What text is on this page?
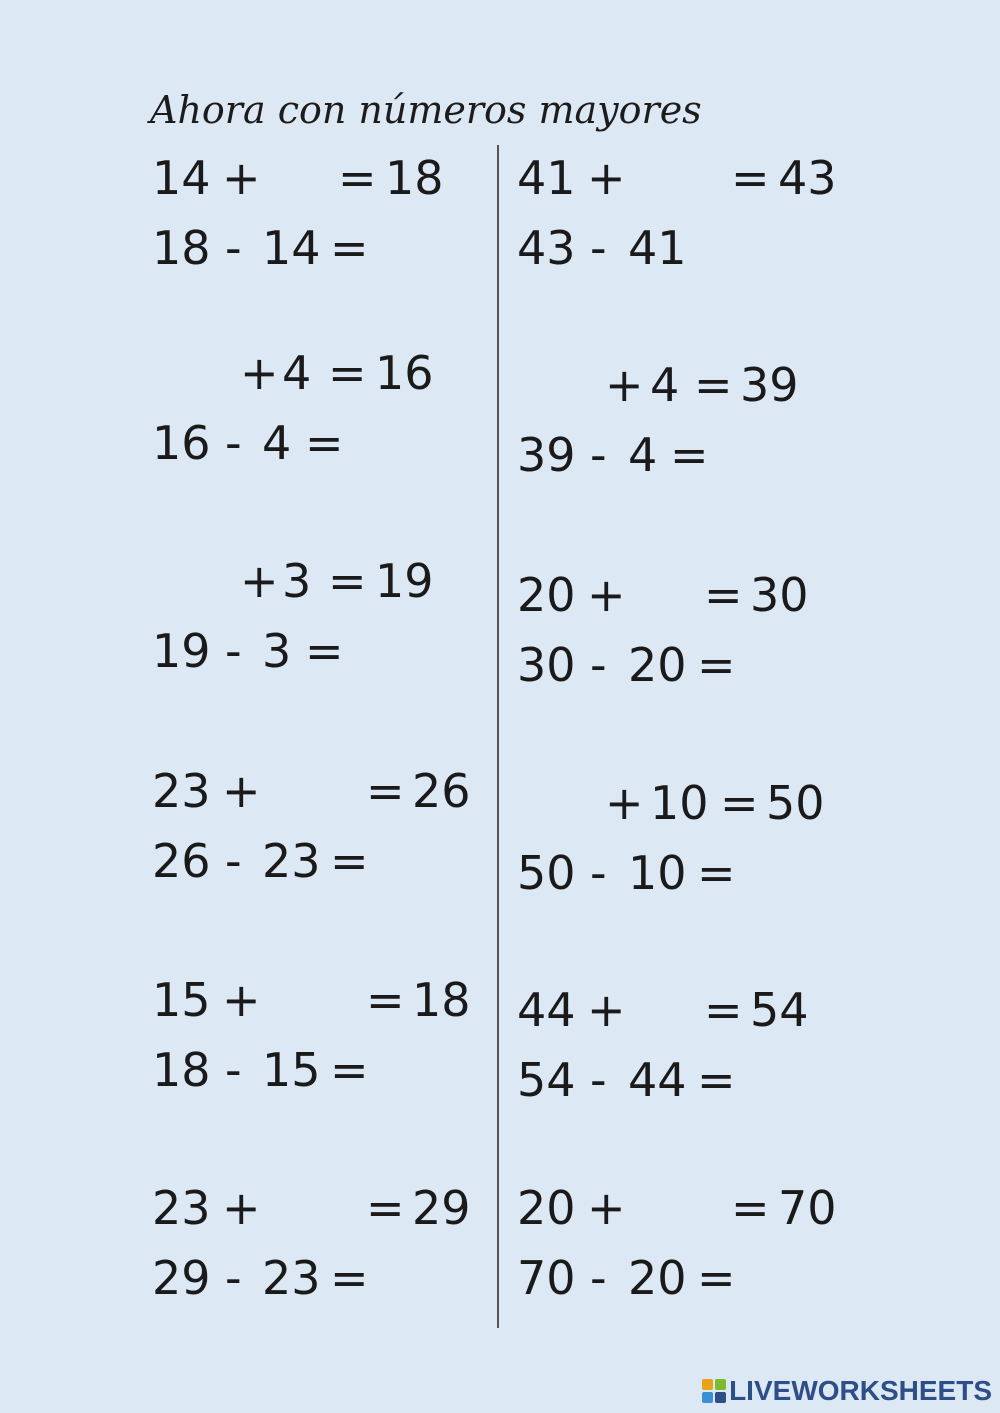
Ahora con números mayores
14 + = 18
18 - 14 =
+ 4 = 16
16 - 4 =
+ 3 = 19
19 - 3 =
23 + = 26
26 - 23 =
15 + = 18
18 - 15 =
23 + = 29
29 - 23 =
41 + = 43
43 - 41
+ 4 = 39
39 - 4 =
20 + = 30
30 - 20 =
+ 10 = 50
50 - 10 =
44 + = 54
54 - 44 =
20 + = 70
70 - 20 =
LIVEWORKSHEETS
